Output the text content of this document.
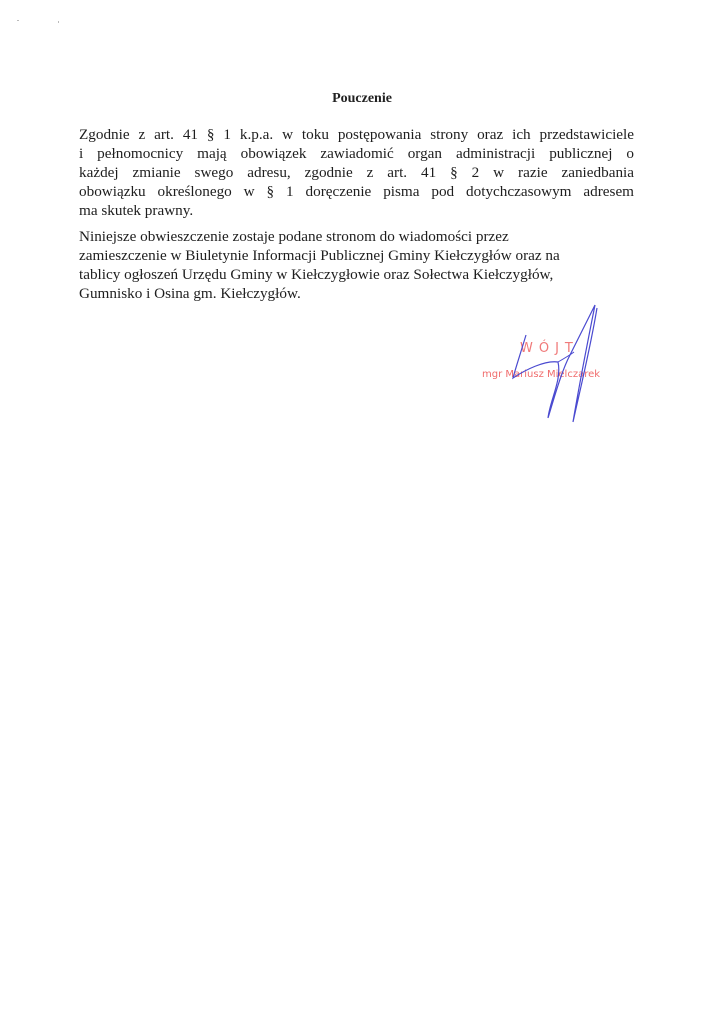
Pouczenie
Zgodnie z art. 41 § 1 k.p.a. w toku postępowania strony oraz ich przedstawiciele
i pełnomocnicy mają obowiązek zawiadomić organ administracji publicznej o
każdej zmianie swego adresu, zgodnie z art. 41 § 2 w razie zaniedbania
obowiązku określonego w § 1 doręczenie pisma pod dotychczasowym adresem
ma skutek prawny.
Niniejsze obwieszczenie zostaje podane stronom do wiadomości przez
zamieszczenie w Biuletynie Informacji Publicznej Gminy Kiełczygłów oraz na
tablicy ogłoszeń Urzędu Gminy w Kiełczygłowie oraz Sołectwa Kiełczygłów,
Gumnisko i Osina gm. Kiełczygłów.
WÓJT
mgr Mariusz Mielczarek
